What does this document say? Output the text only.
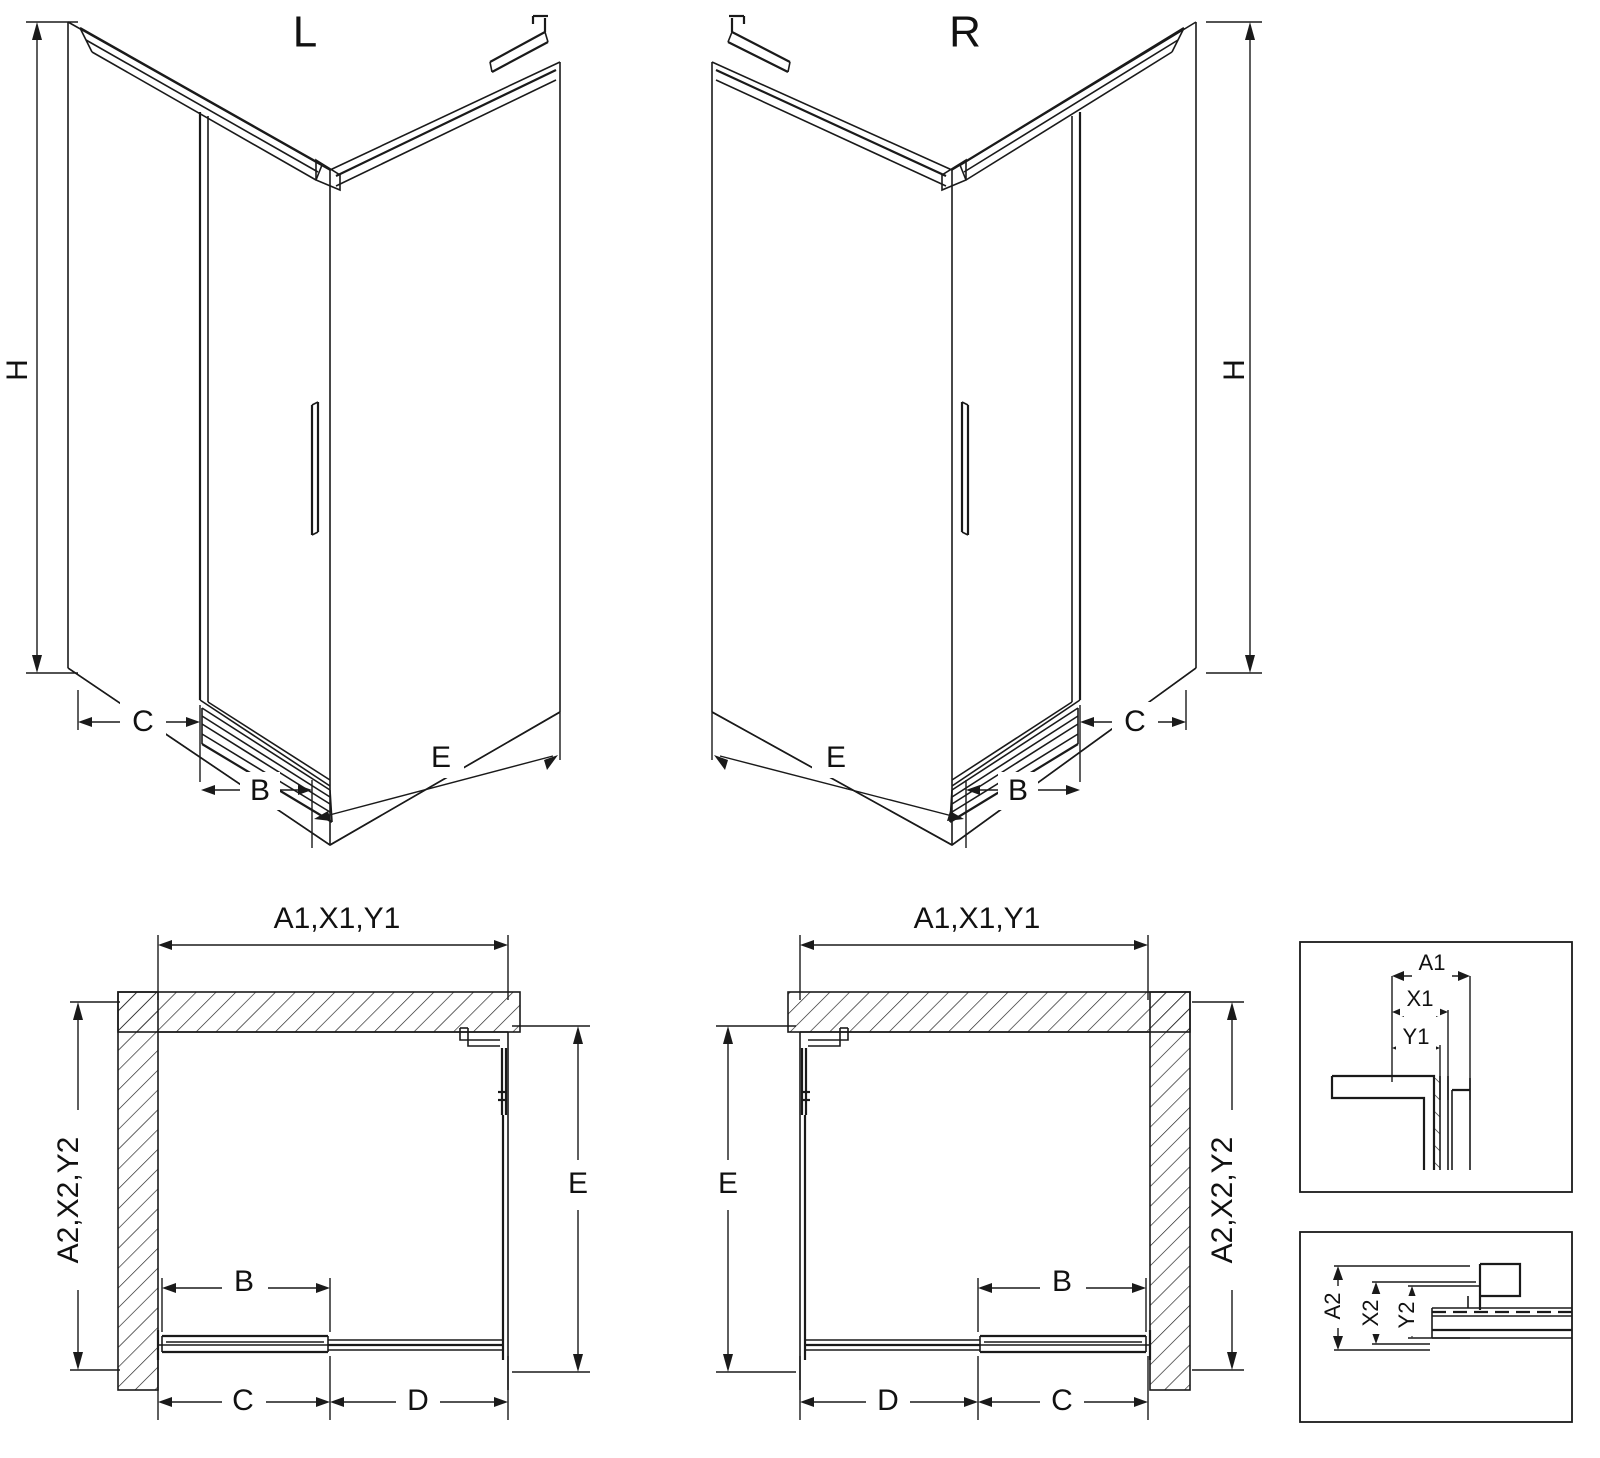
L	R
H	H
C
B
E
C
B
E
A1,X1,Y1
A2,X2,Y2	E
B
C	D
A1,X1,Y1
A2,X2,Y2
E
B
D	C
A1
X1
Y1
A2 X2 Y2
